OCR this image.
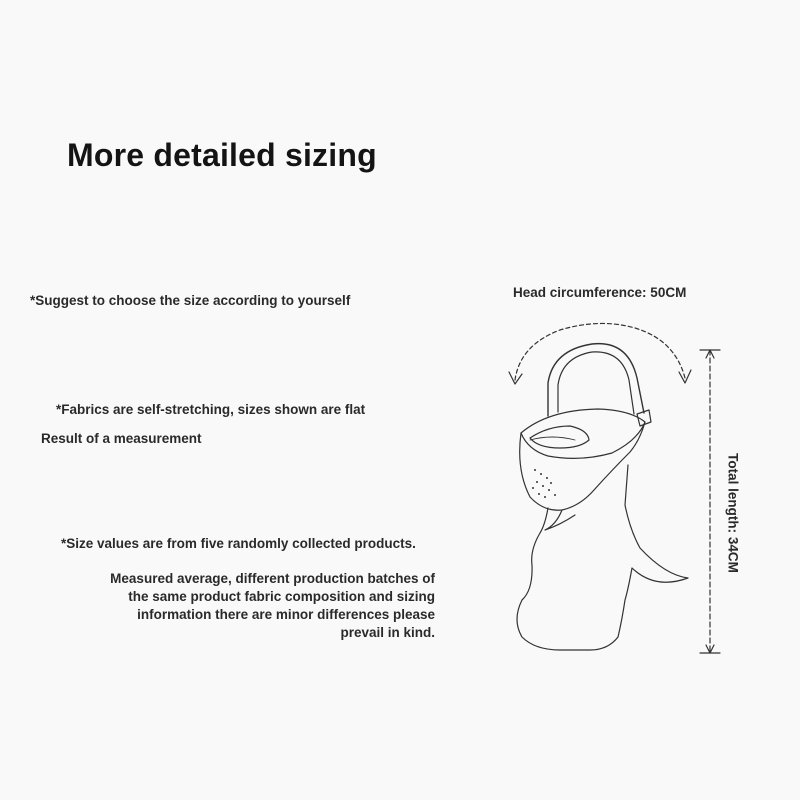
More detailed sizing

*Suggest to choose the size according to yourself

*Fabrics are self-stretching, sizes shown are flat

Result of a measurement

*Size values are from five randomly collected products.

Measured average, different production batches of
the same product fabric composition and sizing
information there are minor differences please
prevail in kind.
Head circumference: 50CM
Total length: 34CM
